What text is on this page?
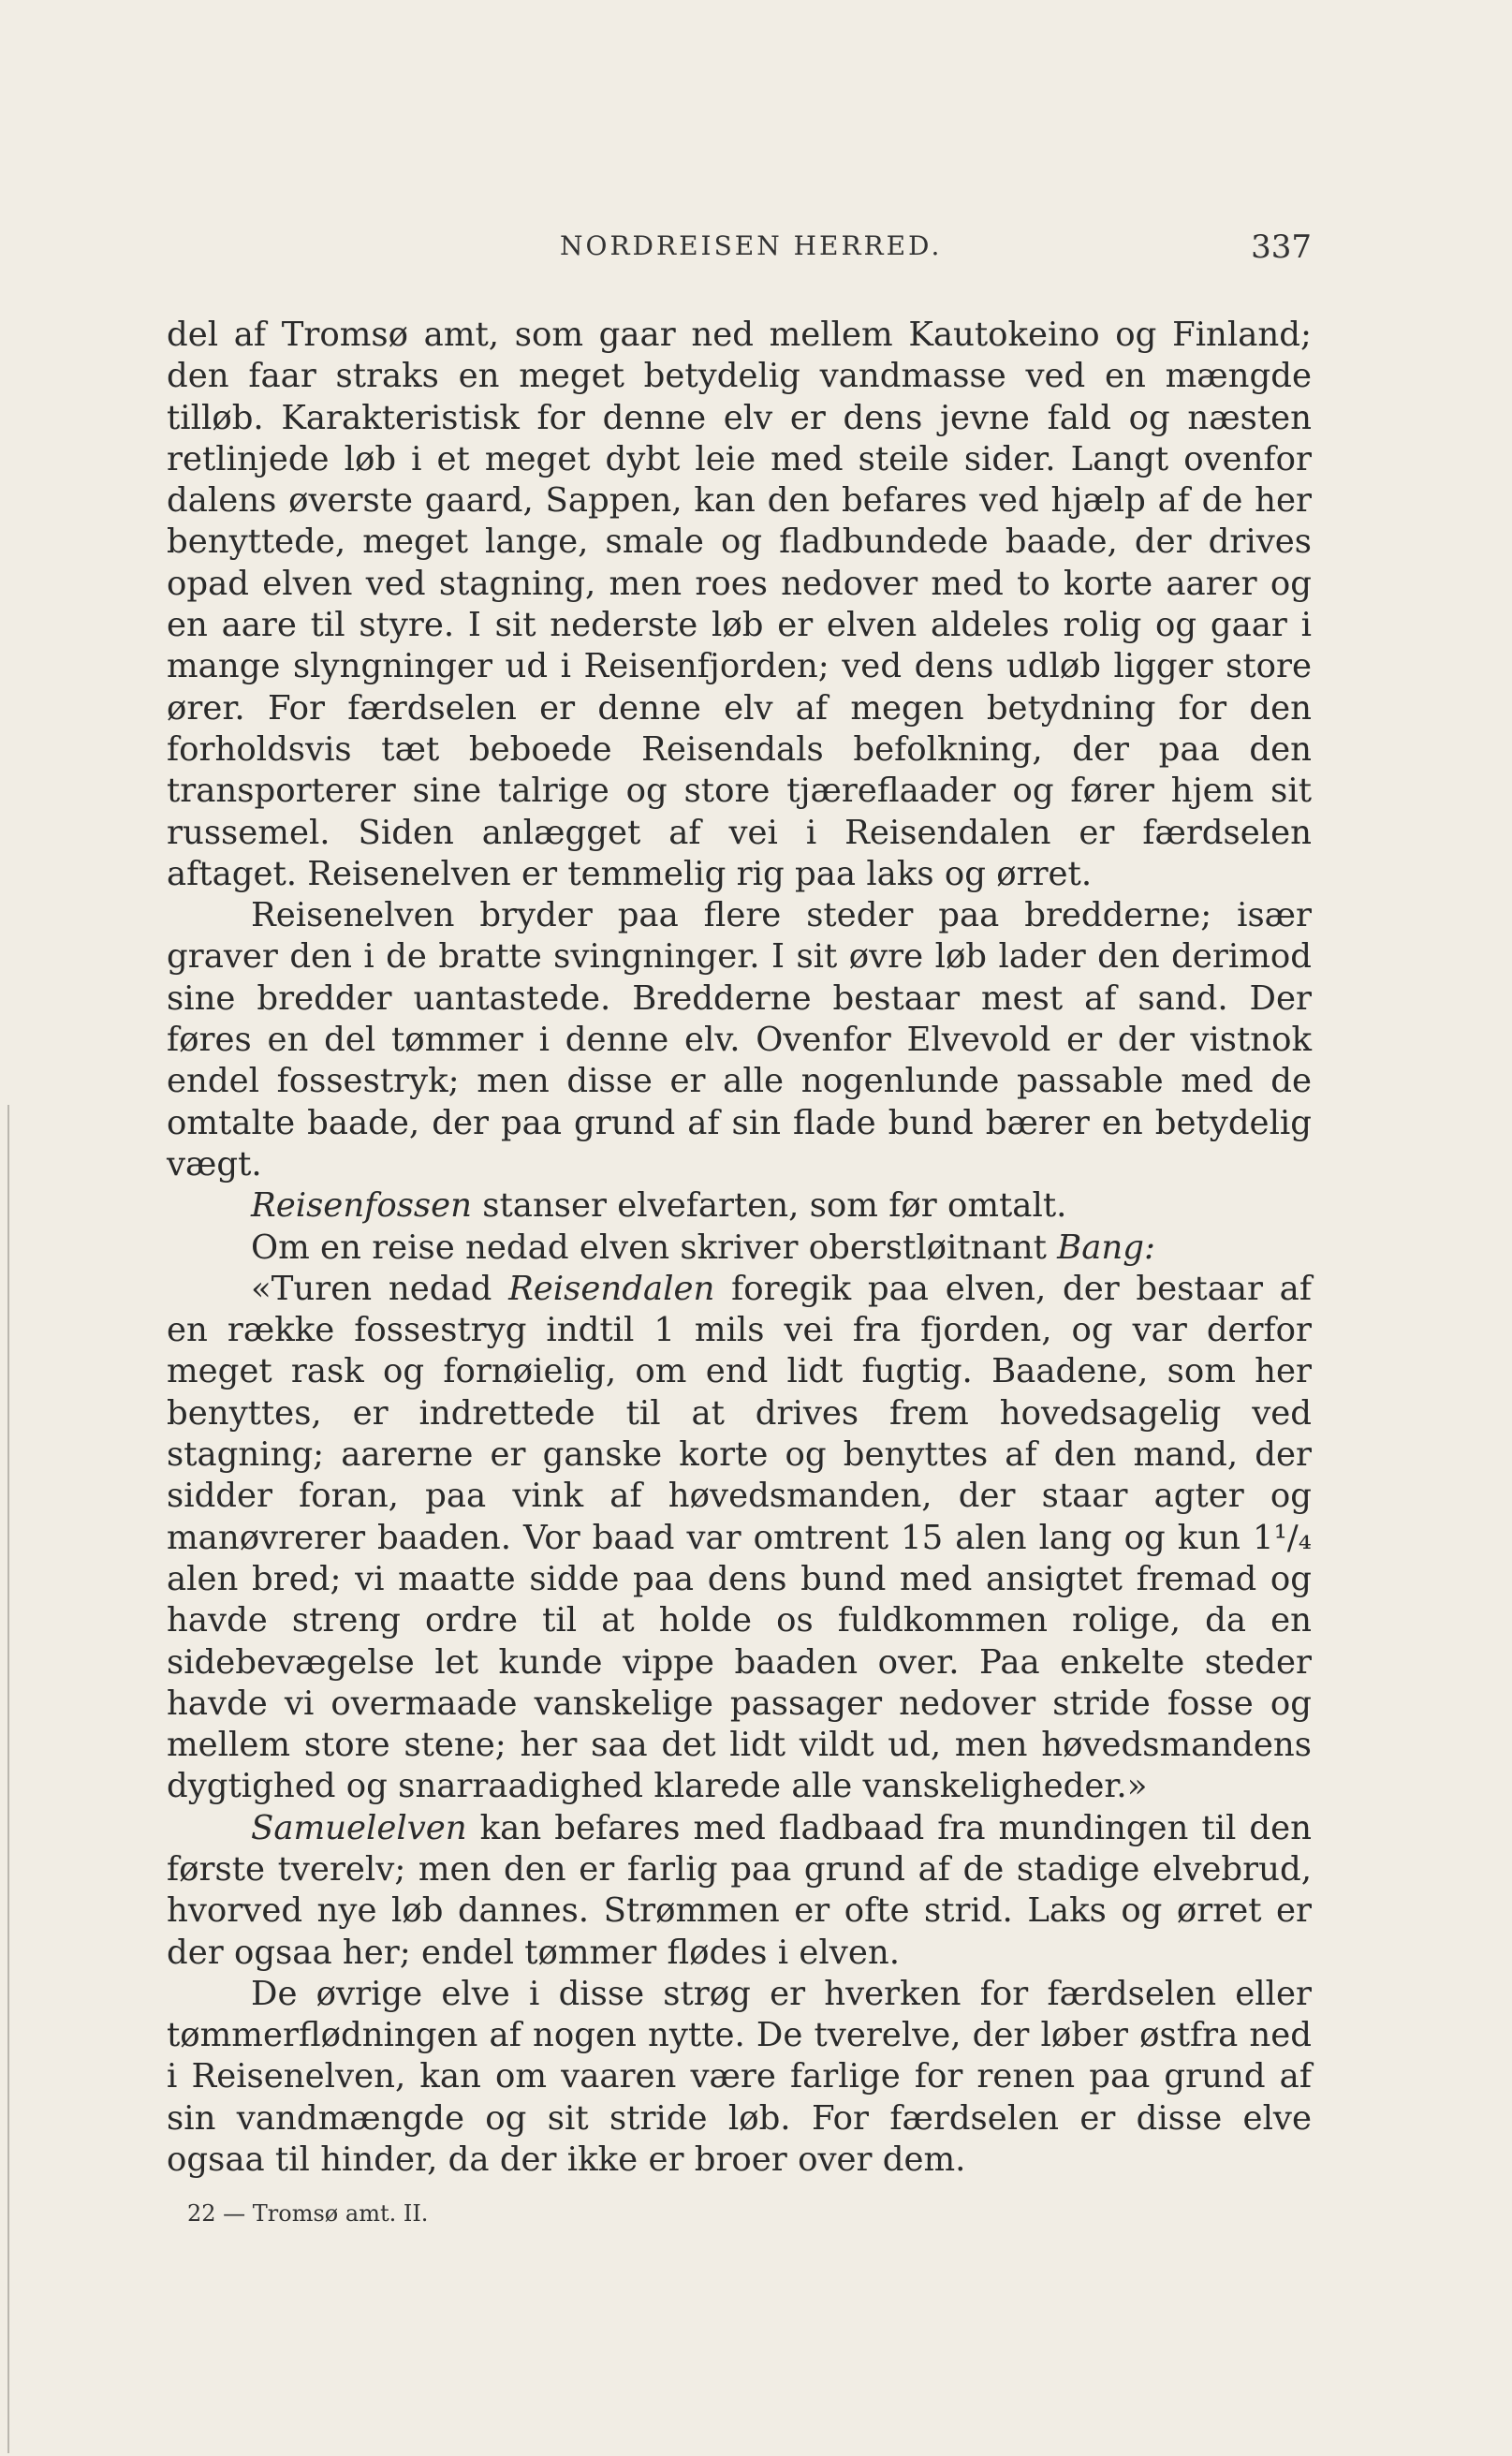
NORDREISEN HERRED.	337

del af Tromsø amt, som gaar ned mellem Kautokeino og Finland; den faar straks en meget betydelig vandmasse ved en mængde tilløb. Karakteristisk for denne elv er dens jevne fald og næsten retlinjede løb i et meget dybt leie med steile sider. Langt ovenfor dalens øverste gaard, Sappen, kan den befares ved hjælp af de her benyttede, meget lange, smale og fladbundede baade, der drives opad elven ved stagning, men roes nedover med to korte aarer og en aare til styre. I sit nederste løb er elven aldeles rolig og gaar i mange slyngninger ud i Reisenfjorden; ved dens udløb ligger store ører. For færdselen er denne elv af megen betydning for den forholdsvis tæt beboede Reisendals befolkning, der paa den transporterer sine talrige og store tjæreflaader og fører hjem sit russemel. Siden anlægget af vei i Reisendalen er færdselen aftaget. Reisenelven er temmelig rig paa laks og ørret.

Reisenelven bryder paa flere steder paa bredderne; især graver den i de bratte svingninger. I sit øvre løb lader den derimod sine bredder uantastede. Bredderne bestaar mest af sand. Der føres en del tømmer i denne elv. Ovenfor Elvevold er der vistnok endel fossestryk; men disse er alle nogenlunde passable med de omtalte baade, der paa grund af sin flade bund bærer en betydelig vægt.

Reisenfossen stanser elvefarten, som før omtalt.

Om en reise nedad elven skriver oberstløitnant Bang:

«Turen nedad Reisendalen foregik paa elven, der bestaar af en række fossestryg indtil 1 mils vei fra fjorden, og var derfor meget rask og fornøielig, om end lidt fugtig. Baadene, som her benyttes, er indrettede til at drives frem hovedsagelig ved stagning; aarerne er ganske korte og benyttes af den mand, der sidder foran, paa vink af høvedsmanden, der staar agter og manøvrerer baaden. Vor baad var omtrent 15 alen lang og kun 1¹/₄ alen bred; vi maatte sidde paa dens bund med ansigtet fremad og havde streng ordre til at holde os fuldkommen rolige, da en sidebevægelse let kunde vippe baaden over. Paa enkelte steder havde vi overmaade vanskelige passager nedover stride fosse og mellem store stene; her saa det lidt vildt ud, men høvedsmandens dygtighed og snarraadighed klarede alle vanskeligheder.»

Samuelelven kan befares med fladbaad fra mundingen til den første tverelv; men den er farlig paa grund af de stadige elvebrud, hvorved nye løb dannes. Strømmen er ofte strid. Laks og ørret er der ogsaa her; endel tømmer flødes i elven.

De øvrige elve i disse strøg er hverken for færdselen eller tømmerflødningen af nogen nytte. De tverelve, der løber østfra ned i Reisenelven, kan om vaaren være farlige for renen paa grund af sin vandmængde og sit stride løb. For færdselen er disse elve ogsaa til hinder, da der ikke er broer over dem.

22 — Tromsø amt. II.
